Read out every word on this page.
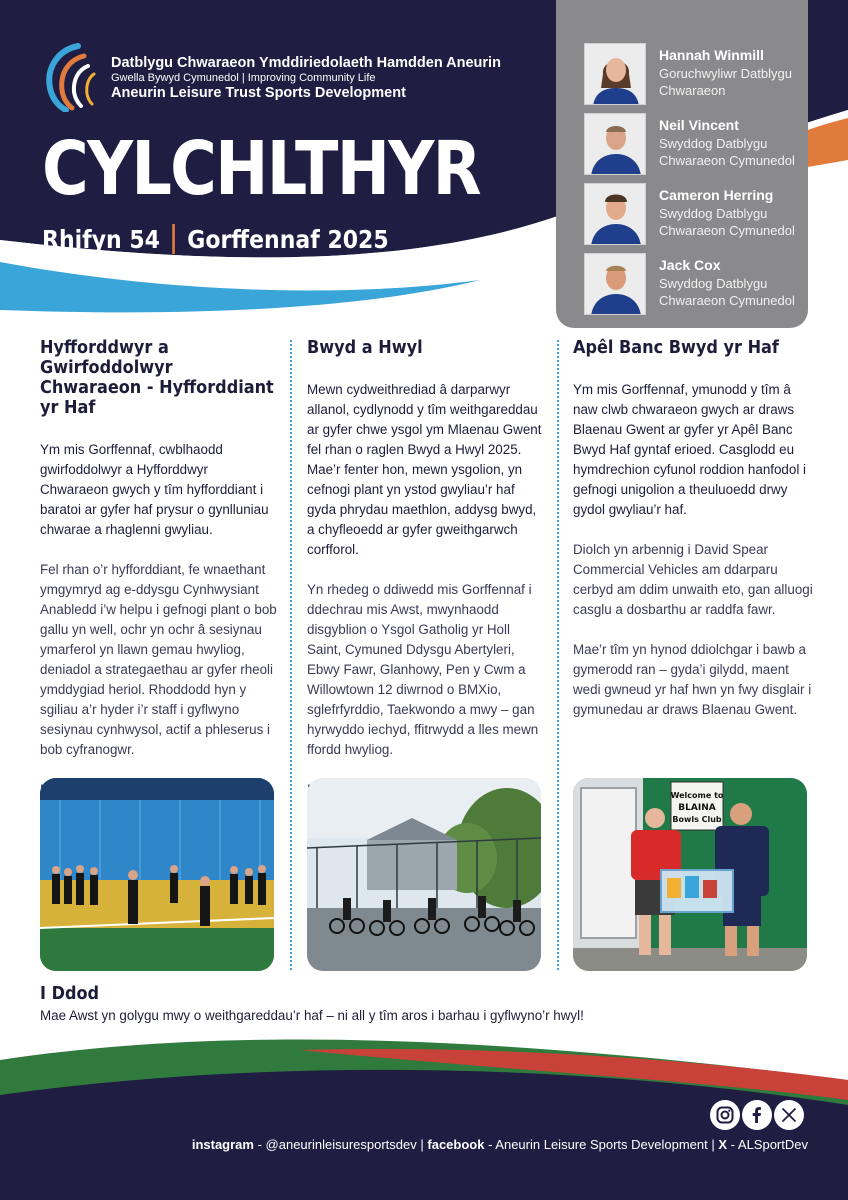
Datblygu Chwaraeon Ymddiriedolaeth Hamdden Aneurin
Gwella Bywyd Cymunedol | Improving Community Life
Aneurin Leisure Trust Sports Development
CYLCHLTHYR
Rhifyn 54 Gorffennaf 2025
Hannah Winmill
Goruchwyliwr Datblygu Chwaraeon
Neil Vincent
Swyddog Datblygu Chwaraeon Cymunedol
Cameron Herring
Swyddog Datblygu Chwaraeon Cymunedol
Jack Cox
Swyddog Datblygu Chwaraeon Cymunedol
Hyfforddwyr a Gwirfoddolwyr Chwaraeon - Hyfforddiant yr Haf

Ym mis Gorffennaf, cwblhaodd gwirfoddolwyr a Hyfforddwyr Chwaraeon gwych y tîm hyfforddiant i baratoi ar gyfer haf prysur o gynlluniau chwarae a rhaglenni gwyliau.

Fel rhan o’r hyfforddiant, fe wnaethant ymgymryd ag e-ddysgu Cynhwysiant Anabledd i’w helpu i gefnogi plant o bob gallu yn well, ochr yn ochr â sesiynau ymarferol yn llawn gemau hwyliog, deniadol a strategaethau ar gyfer rheoli ymddygiad heriol. Rhoddodd hyn y sgiliau a’r hyder i’r staff i gyflwyno sesiynau cynhwysol, actif a phleserus i bob cyfranogwr.

Bwyd a Hwyl

Mewn cydweithrediad â darparwyr allanol, cydlynodd y tîm weithgareddau ar gyfer chwe ysgol ym Mlaenau Gwent fel rhan o raglen Bwyd a Hwyl 2025. Mae’r fenter hon, mewn ysgolion, yn cefnogi plant yn ystod gwyliau’r haf gyda phrydau maethlon, addysg bwyd, a chyfleoedd ar gyfer gweithgarwch corfforol.

Yn rhedeg o ddiwedd mis Gorffennaf i ddechrau mis Awst, mwynhaodd disgyblion o Ysgol Gatholig yr Holl Saint, Cymuned Ddysgu Abertyleri, Ebwy Fawr, Glanhowy, Pen y Cwm a Willowtown 12 diwrnod o BMXio, sglefrfyrddio, Taekwondo a mwy – gan hyrwyddo iechyd, ffitrwydd a lles mewn ffordd hwyliog.

Apêl Banc Bwyd yr Haf

Ym mis Gorffennaf, ymunodd y tîm â naw clwb chwaraeon gwych ar draws Blaenau Gwent ar gyfer yr Apêl Banc Bwyd Haf gyntaf erioed. Casglodd eu hymdrechion cyfunol roddion hanfodol i gefnogi unigolion a theuluoedd drwy gydol gwyliau’r haf.

Diolch yn arbennig i David Spear Commercial Vehicles am ddarparu cerbyd am ddim unwaith eto, gan alluogi casglu a dosbarthu ar raddfa fawr.

Mae’r tîm yn hynod ddiolchgar i bawb a gymerodd ran – gyda’i gilydd, maent wedi gwneud yr haf hwn yn fwy disglair i gymunedau ar draws Blaenau Gwent.

Welcome to
BLAINA
Bowls Club
I Ddod
Mae Awst yn golygu mwy o weithgareddau’r haf – ni all y tîm aros i barhau i gyflwyno’r hwyl!
instagram - @aneurinleisuresportsdev | facebook - Aneurin Leisure Sports Development | X - ALSportDev
